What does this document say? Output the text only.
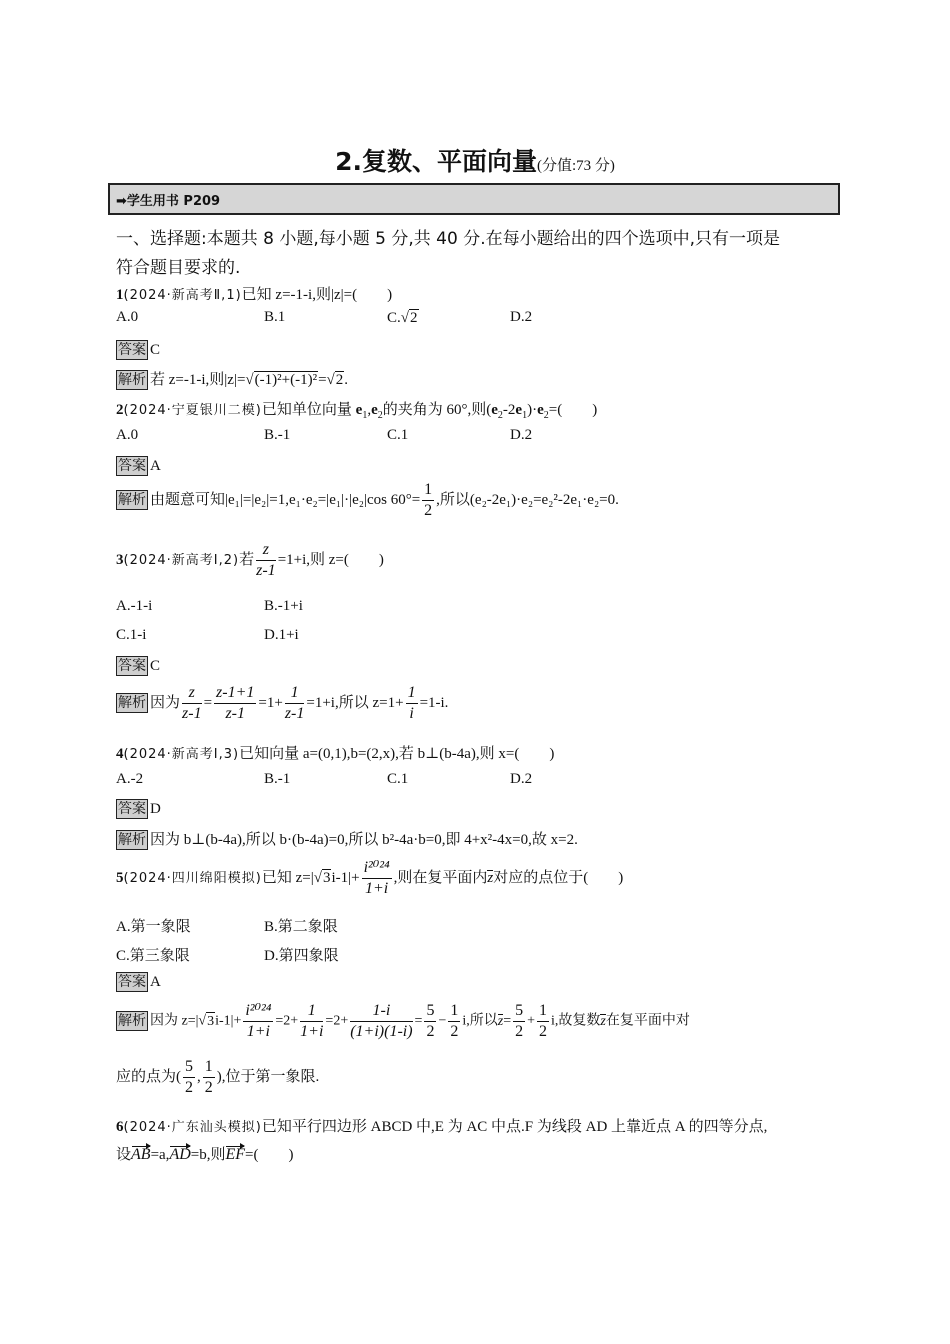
2.复数、平面向量(分值:73 分)
➡学生用书 P209
一、选择题:本题共 8 小题,每小题 5 分,共 40 分.在每小题给出的四个选项中,只有一项是
符合题目要求的.
1(2024·新高考Ⅱ,1)已知 z=-1-i,则|z|=(　　)
A.0	B.1	C.√2	D.2
答案 C
解析 若 z=-1-i,则|z|=√(-1)²+(-1)²=√2.
2(2024·宁夏银川二模)已知单位向量 $e_1,e_2$的夹角为 60°,则$(e_2-2e_1)\cdot e_2=$(　　)
A.0	B.-1	C.1	D.2
答案 A
解析 由题意可知|e₁|=|e₂|=1,e₁·e₂=|e₁|·|e₂|cos $60^\circ= \frac{1}{2}$ ,所以(e₂-2e₁)·e₂=e₂²-2e₁·e₂=0.
3(2024·新高考Ⅰ,2)若 $\frac{z}{z-1} =1+i$,则 z=(　　)
A.-1-i	B.-1+i
C.1-i	D.1+i
答案 C
解析 因为 $\frac{z}{z-1} = \frac{z-1+1}{z-1} =1+ \frac{1}{z-1} =1+i$,所以 $z=1+ \frac{1}{i} =1-i$.
4(2024·新高考Ⅰ,3)已知向量 a=(0,1),b=(2,x),若 b⊥(b-4a),则 x=(　　)
A.-2	B.-1	C.1	D.2
答案 D
解析 因为 b⊥(b-4a),所以 b·(b-4a)=0,所以 b²-4a·b=0,即 4+x²-4x=0,故 x=2.
5(2024·四川绵阳模拟)已知 $z=|√3i-1|+ \frac{\text{i²⁰²⁴}}{1+i}$ ,则在复平面内z对应的点位于(　　)
A.第一象限	B.第二象限
C.第三象限	D.第四象限
答案 A
解析 因为 $z=|√3i-1|+ \frac{\text{i²⁰²⁴}}{1+i} =2+ \frac{1}{1+i} =2+ \frac{1-i}{(1+i)(1-i)} = \frac{5}{2} - \frac{1}{2} i$,所以$z= \frac{5}{2} + \frac{1}{2} i$,故复数z在复平面中对
应的点为( $\frac{5}{2}$ , $\frac{1}{2}$ ),位于第一象限.
6(2024·广东汕头模拟)已知平行四边形 ABCD 中,E 为 AC 中点.F 为线段 AD 上靠近点 A 的四等分点,
设AB=a,AD=b,则EF=(　　)
